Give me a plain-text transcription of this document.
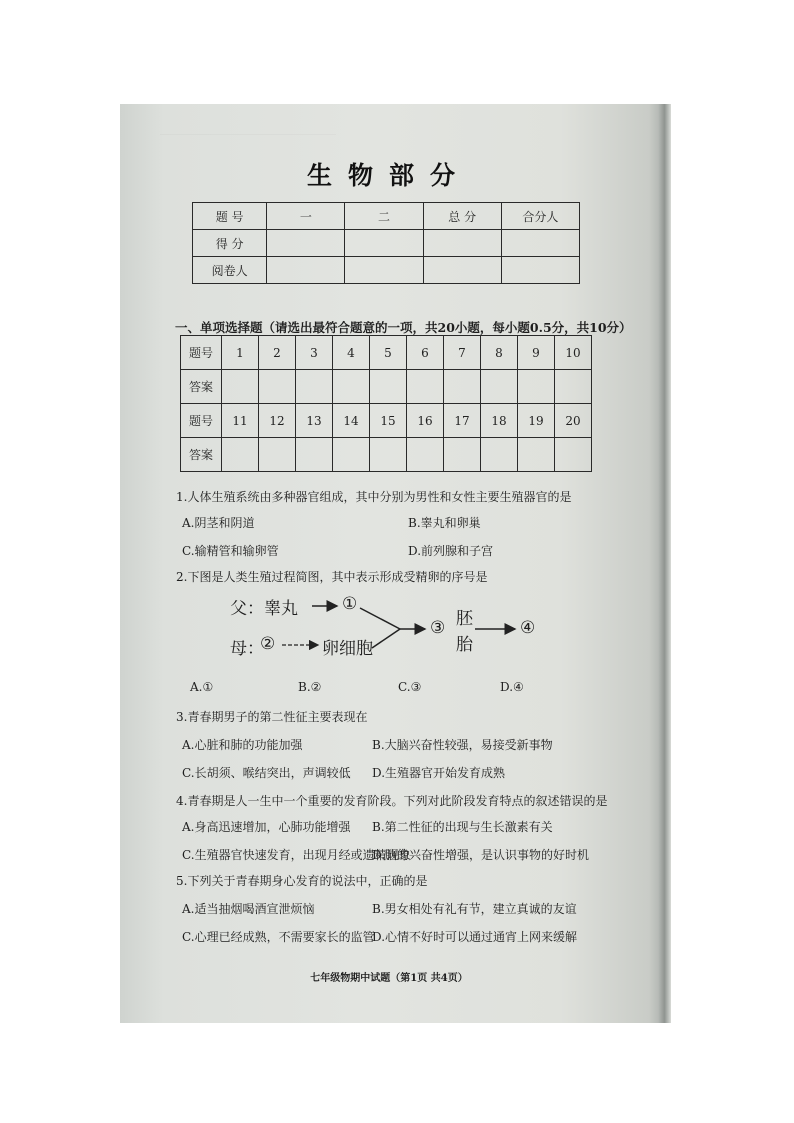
________________________________
生物部分
题 号	一	二	总 分	合分人
得 分				
阅卷人				
一、单项选择题（请选出最符合题意的一项，共20小题，每小题0.5分，共10分）
题号	1	2	3	4	5	6	7	8	9	10
答案										
题号	11	12	13	14	15	16	17	18	19	20
答案										
1.人体生殖系统由多种器官组成，其中分别为男性和女性主要生殖器官的是
A.阴茎和阴道	B.睾丸和卵巢
C.输精管和输卵管	D.前列腺和子宫
2.下图是人类生殖过程简图，其中表示形成受精卵的序号是
父：睾丸	①
母：
②	卵细胞
③ 胚
胎
④
A.①	B.②	C.③	D.④
3.青春期男子的第二性征主要表现在
A.心脏和肺的功能加强	B.大脑兴奋性较强，易接受新事物
C.长胡须、喉结突出，声调较低 D.生殖器官开始发育成熟
4.青春期是人一生中一个重要的发育阶段。下列对此阶段发育特点的叙述错误的是
A.身高迅速增加，心肺功能增强 B.第二性征的出现与生长激素有关
C.生殖器官快速发育，出现月经或遗精现象
D.脑的兴奋性增强，是认识事物的好时机
5.下列关于青春期身心发育的说法中，正确的是
A.适当抽烟喝酒宣泄烦恼	B.男女相处有礼有节，建立真诚的友谊
C.心理已经成熟，不需要家长的监管
D.心情不好时可以通过通宵上网来缓解
七年级物期中试题（第1页 共4页）
